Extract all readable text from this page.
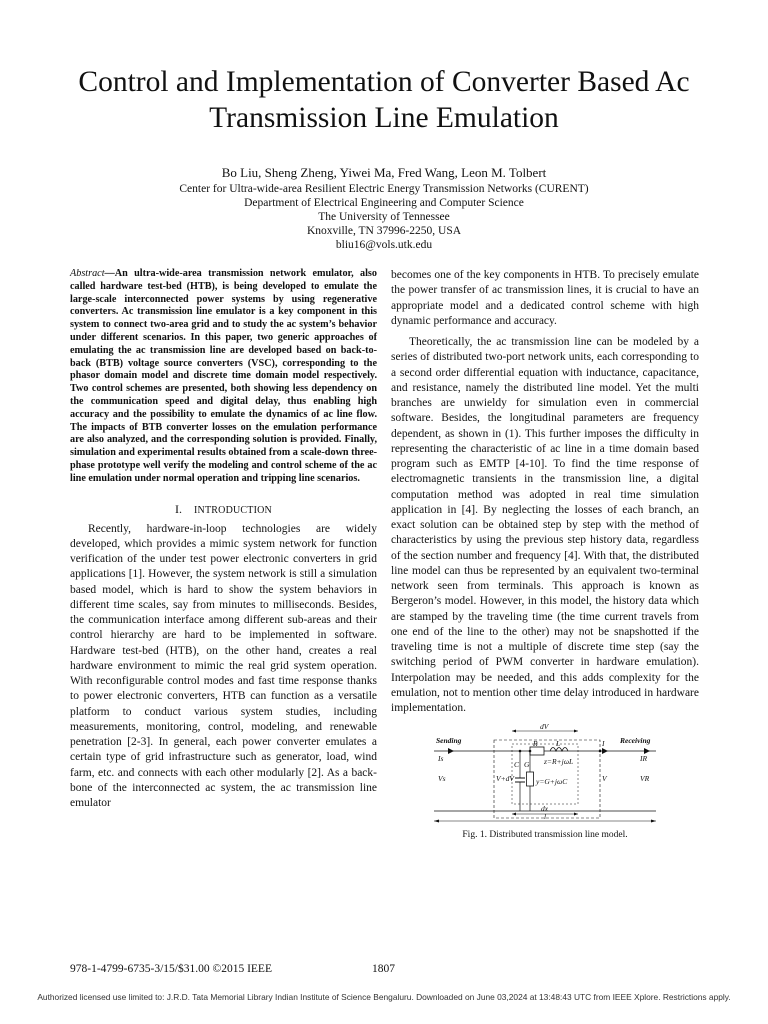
Control and Implementation of Converter Based Ac
Transmission Line Emulation

Bo Liu, Sheng Zheng, Yiwei Ma, Fred Wang, Leon M. Tolbert

Center for Ultra-wide-area Resilient Electric Energy Transmission Networks (CURENT)
Department of Electrical Engineering and Computer Science
The University of Tennessee
Knoxville, TN 37996-2250, USA
bliu16@vols.utk.edu

Abstract—An ultra-wide-area transmission network emulator, also called hardware test-bed (HTB), is being developed to emulate the large-scale interconnected power systems by using regenerative converters. Ac transmission line emulator is a key component in this system to connect two-area grid and to study the ac system’s behavior under different scenarios. In this paper, two generic approaches of emulating the ac transmission line are developed based on back-to-back (BTB) voltage source converters (VSC), corresponding to the phasor domain model and discrete time domain model respectively. Two control schemes are presented, both showing less dependency on the communication speed and digital delay, thus enabling high accuracy and the possibility to emulate the dynamics of ac line flow. The impacts of BTB converter losses on the emulation performance are also analyzed, and the corresponding solution is provided. Finally, simulation and experimental results obtained from a scale-down three-phase prototype well verify the modeling and control scheme of the ac line emulation under normal operation and tripping line scenarios.

I. INTRODUCTION

Recently, hardware-in-loop technologies are widely developed, which provides a mimic system network for function verification of the under test power electronic converters in grid applications [1]. However, the system network is still a simulation based model, which is hard to show the system behaviors in different time scales, say from minutes to milliseconds. Besides, the communication interface among different sub-areas and their control hierarchy are hard to be implemented in software. Hardware test-bed (HTB), on the other hand, creates a real hardware environment to mimic the real grid system operation. With reconfigurable control modes and fast time response thanks to power electronic converters, HTB can function as a versatile platform to conduct various system studies, including measurements, monitoring, control, modeling, and renewable penetration [2-3]. In general, each power converter emulates a certain type of grid infrastructure such as generator, load, wind farm, etc. and connects with each other modularly [2]. As a back-bone of the interconnected ac system, the ac transmission line emulator

becomes one of the key components in HTB. To precisely emulate the power transfer of ac transmission lines, it is crucial to have an appropriate model and a dedicated control scheme with high dynamic performance and accuracy.

Theoretically, the ac transmission line can be modeled by a series of distributed two-port network units, each corresponding to a second order differential equation with inductance, capacitance, and resistance, namely the distributed line model. Yet the multi branches are unwieldy for simulation even in commercial software. Besides, the longitudinal parameters are frequency dependent, as shown in (1). This further imposes the difficulty in representing the characteristic of ac line in a time domain based program such as EMTP [4-10]. To find the time response of electromagnetic transients in the transmission line, a digital computation method was adopted in real time simulation application in [4]. By neglecting the losses of each branch, an exact solution can be obtained step by step with the method of characteristics by using the previous step history data, regardless of the section number and frequency [4]. With that, the distributed line model can thus be represented by an equivalent two-terminal network seen from terminals. This approach is known as Bergeron’s model. However, in this model, the history data which are stamped by the traveling time (the time current travels from one end of the line to the other) may not be snapshotted if the traveling time is not a multiple of discrete time step (say the switching period of PWM converter in hardware emulation). Interpolation may be needed, and this adds complexity for the emulation, not to mention other time delay introduced in hardware implementation.

Sending	Receiving
dV
R L	I
Is	IR
Vs	VR
V+dV	V
C G z=R+jωL
y=G+jωC
dx
l

Fig. 1. Distributed transmission line model.

978-1-4799-6735-3/15/$31.00 ©2015 IEEE	1807

Authorized licensed use limited to: J.R.D. Tata Memorial Library Indian Institute of Science Bengaluru. Downloaded on June 03,2024 at 13:48:43 UTC from IEEE Xplore. Restrictions apply.
